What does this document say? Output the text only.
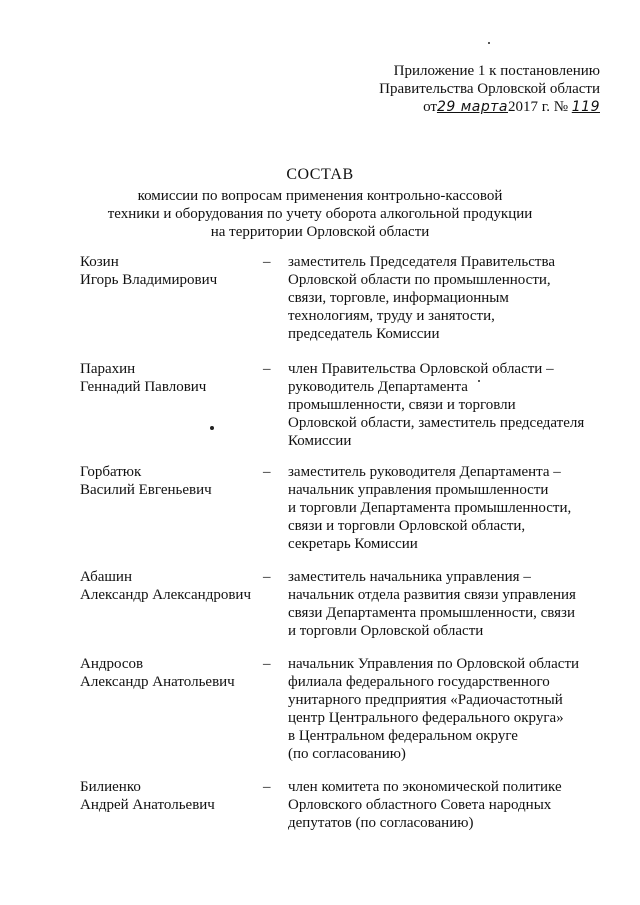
Приложение 1 к постановлению
Правительства Орловской области
от29 марта2017 г. № 119
СОСТАВ
комиссии по вопросам применения контрольно-кассовой
техники и оборудования по учету оборота алкогольной продукции
на территории Орловской области
Козин
Игорь Владимирович
–	заместитель Председателя Правительства
Орловской области по промышленности,
связи, торговле, информационным
технологиям, труду и занятости,
председатель Комиссии
Парахин
Геннадий Павлович
–	член Правительства Орловской области –
руководитель Департамента
промышленности, связи и торговли
Орловской области, заместитель председателя
Комиссии
Горбатюк
Василий Евгеньевич
–	заместитель руководителя Департамента –
начальник управления промышленности
и торговли Департамента промышленности,
связи и торговли Орловской области,
секретарь Комиссии
Абашин
Александр Александрович
–	заместитель начальника управления –
начальник отдела развития связи управления
связи Департамента промышленности, связи
и торговли Орловской области
Андросов
Александр Анатольевич
–	начальник Управления по Орловской области
филиала федерального государственного
унитарного предприятия «Радиочастотный
центр Центрального федерального округа»
в Центральном федеральном округе
(по согласованию)
Билиенко
Андрей Анатольевич
–	член комитета по экономической политике
Орловского областного Совета народных
депутатов (по согласованию)
